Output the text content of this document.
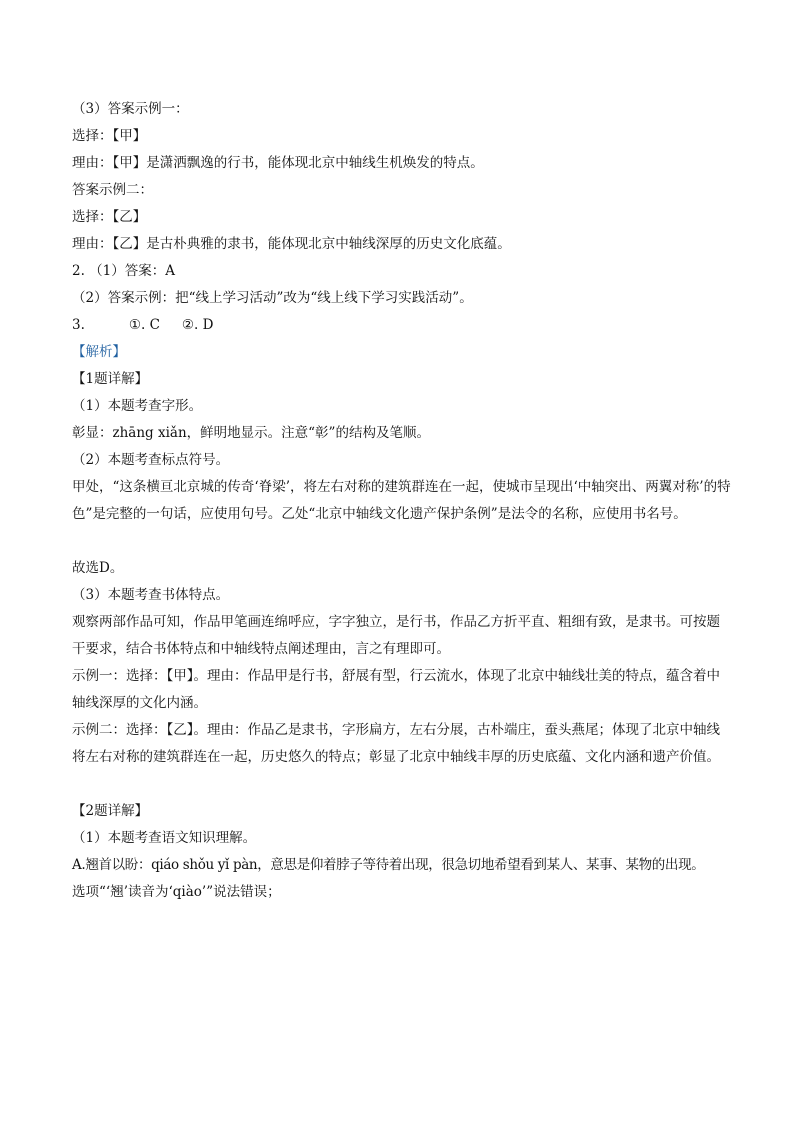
（3）答案示例一：
选择：【甲】
理由：【甲】是潇洒飘逸的行书，能体现北京中轴线生机焕发的特点。
答案示例二：
选择：【乙】
理由：【乙】是古朴典雅的隶书，能体现北京中轴线深厚的历史文化底蕴。
2. （1）答案：A
（2）答案示例：把“线上学习活动”改为“线上线下学习实践活动”。
3.	①. C ②. D
【解析】
【1题详解】
（1）本题考查字形。
彰显：zhāng xiǎn，鲜明地显示。注意“彰”的结构及笔顺。
（2）本题考查标点符号。
甲处，“这条横亘北京城的传奇‘脊梁’，将左右对称的建筑群连在一起，使城市呈现出‘中轴突出、两翼对称’的特色”是完整的一句话，应使用句号。乙处“北京中轴线文化遗产保护条例”是法令的名称，应使用书名号。
故选D。
（3）本题考查书体特点。
观察两部作品可知，作品甲笔画连绵呼应，字字独立，是行书，作品乙方折平直、粗细有致，是隶书。可按题干要求，结合书体特点和中轴线特点阐述理由，言之有理即可。
示例一：选择：【甲】。理由：作品甲是行书，舒展有型，行云流水，体现了北京中轴线壮美的特点，蕴含着中轴线深厚的文化内涵。
示例二：选择：【乙】。理由：作品乙是隶书，字形扁方，左右分展，古朴端庄，蚕头燕尾；体现了北京中轴线将左右对称的建筑群连在一起，历史悠久的特点；彰显了北京中轴线丰厚的历史底蕴、文化内涵和遗产价值。
【2题详解】
（1）本题考查语文知识理解。
A.翘首以盼：qiáo shǒu yǐ pàn，意思是仰着脖子等待着出现，很急切地希望看到某人、某事、某物的出现。
选项“‘翘’读音为‘qiào’”说法错误；
